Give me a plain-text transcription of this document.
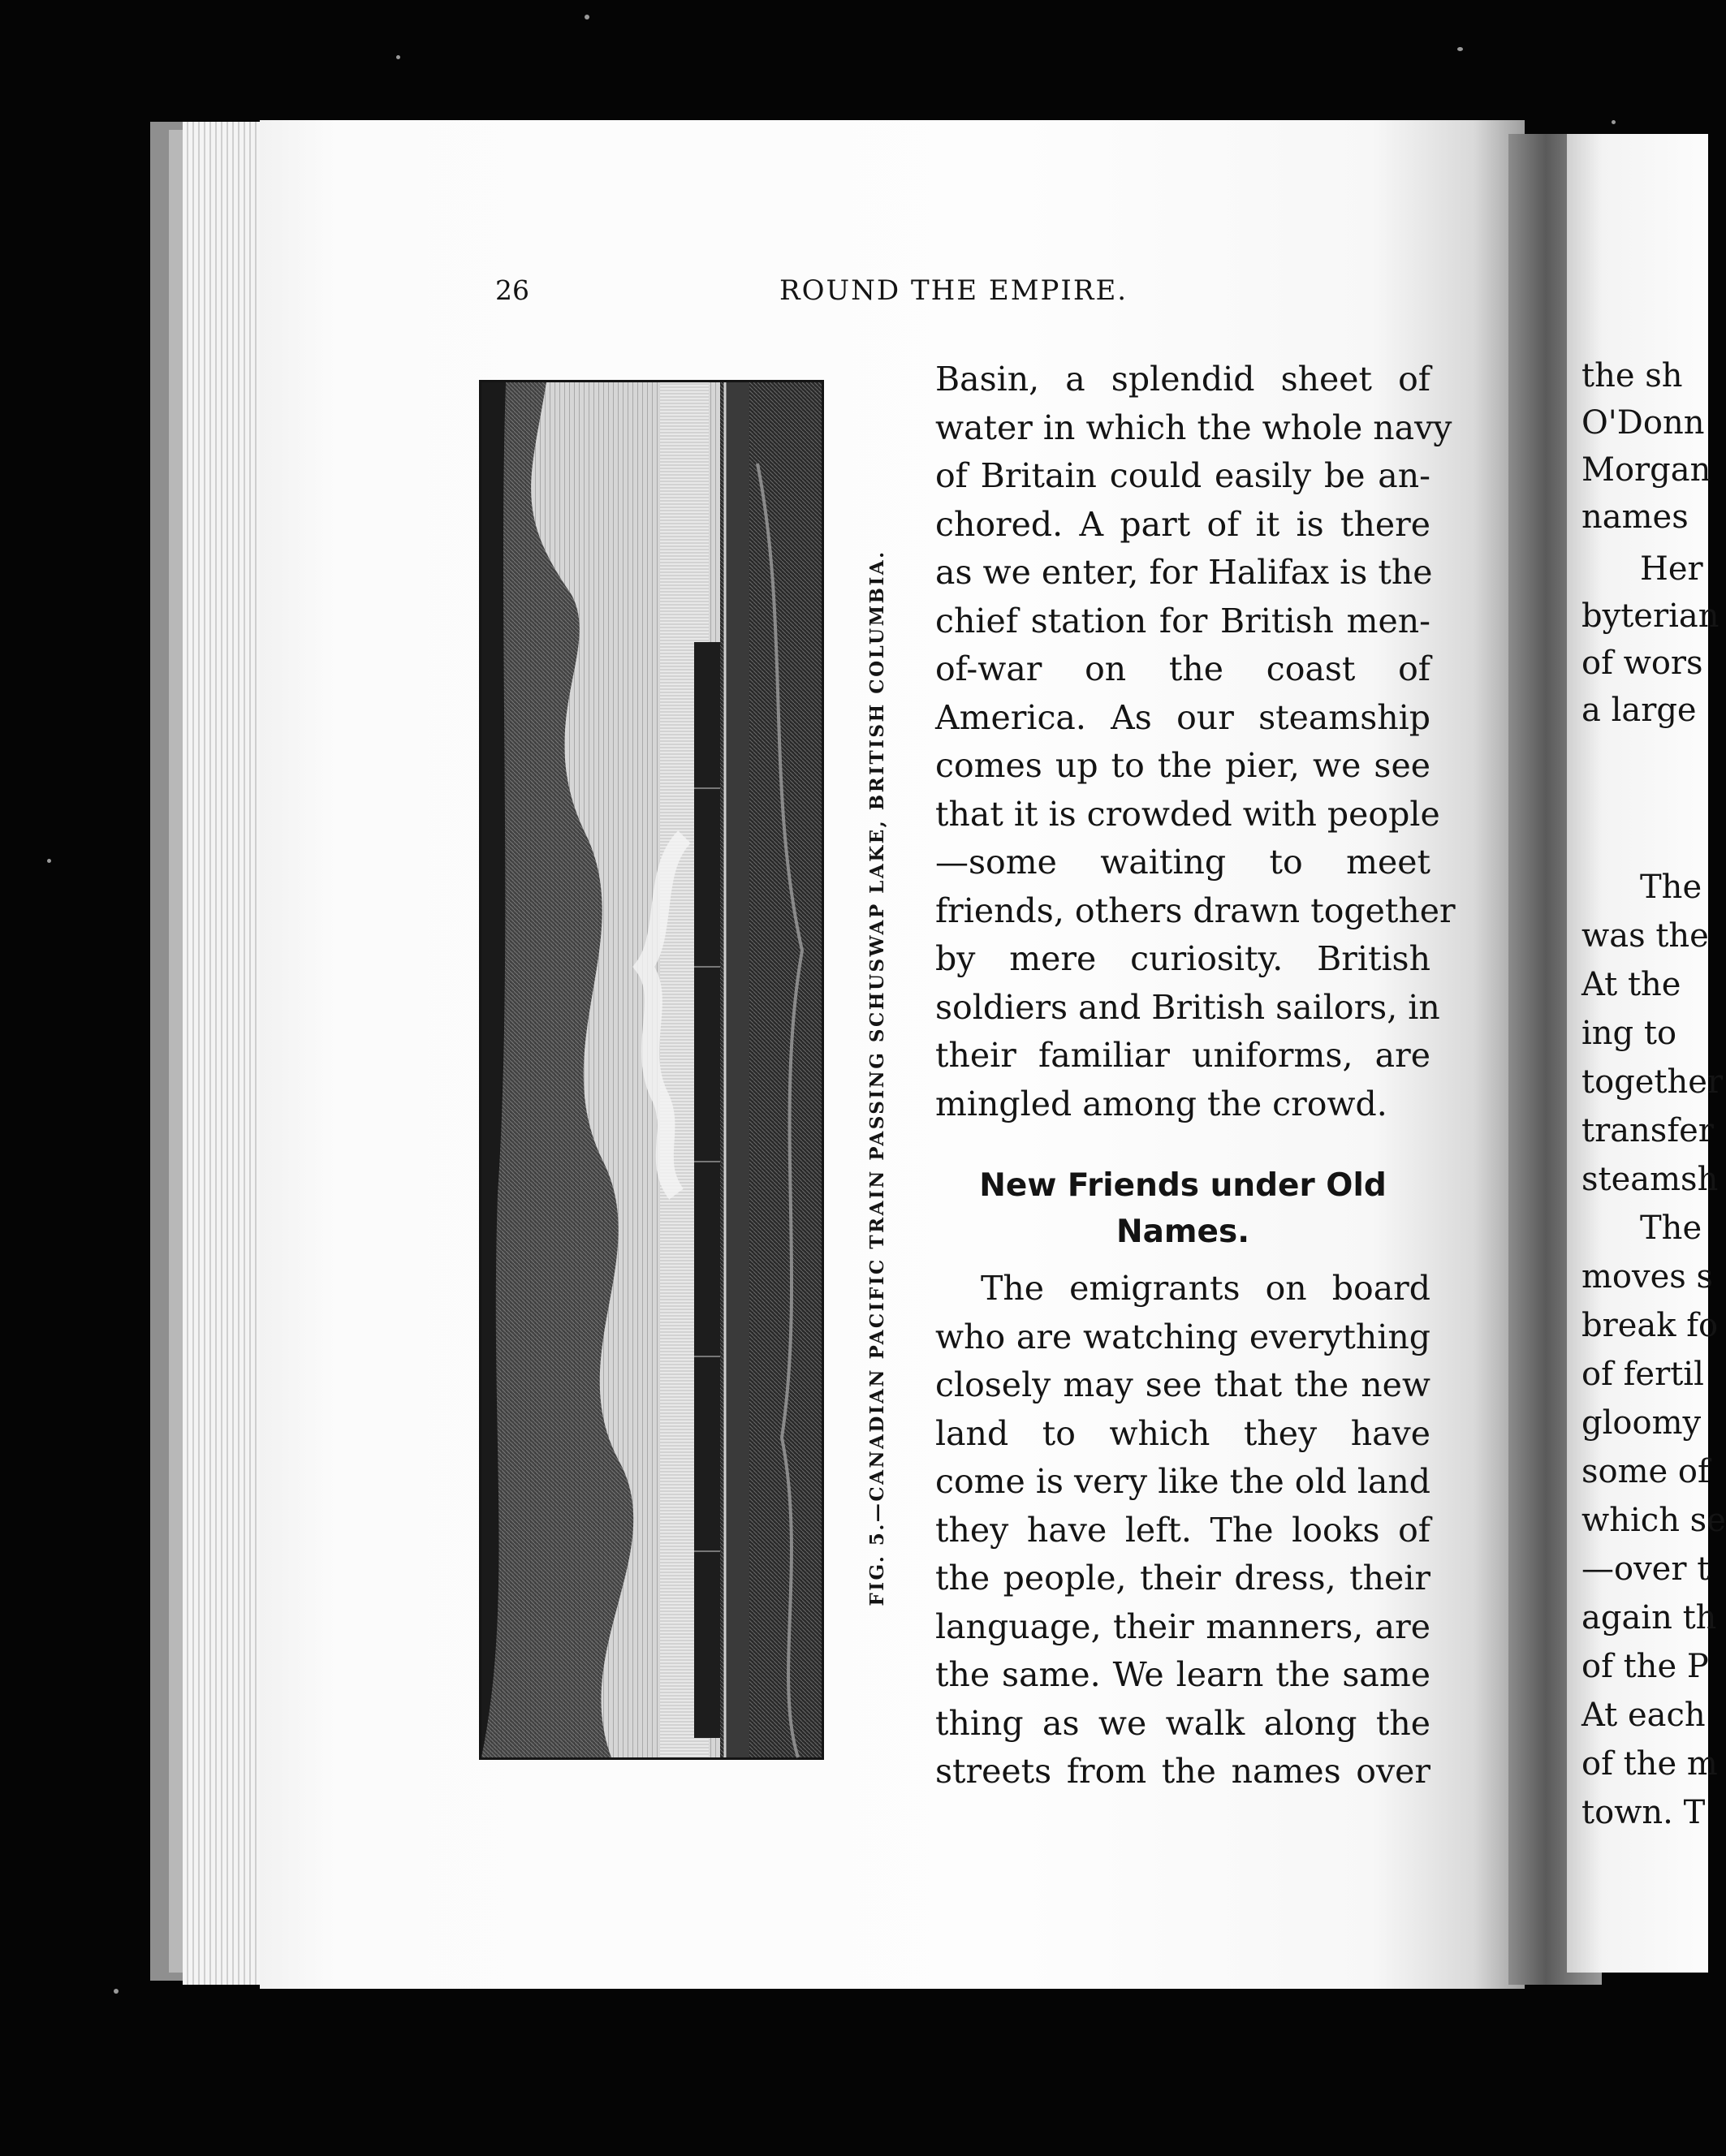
26	ROUND THE EMPIRE.
FIG. 5.—CANADIAN PACIFIC TRAIN PASSING SCHUSWAP LAKE, BRITISH COLUMBIA.
Basin, a splendid sheet of
water in which the whole navy
of Britain could easily be an-
chored. A part of it is there
as we enter, for Halifax is the
chief station for British men-
of-war on the coast of
America. As our steamship
comes up to the pier, we see
that it is crowded with people
—some waiting to meet
friends, others drawn together
by mere curiosity. British
soldiers and British sailors, in
their familiar uniforms, are
mingled among the crowd.
New Friends under Old
Names.
The emigrants on board
who are watching everything
closely may see that the new
land to which they have
come is very like the old land
they have left. The looks of
the people, their dress, their
language, their manners, are
the same. We learn the same
thing as we walk along the
streets from the names over
the sh
O'Donn
Morgan
names
Her
byterian
of wors
a large
The
was the
At the
ing to
together
transfer
steamsh
The
moves s
break fo
of fertil
gloomy
some of
which se
—over t
again th
of the P
At each
of the m
town. T
